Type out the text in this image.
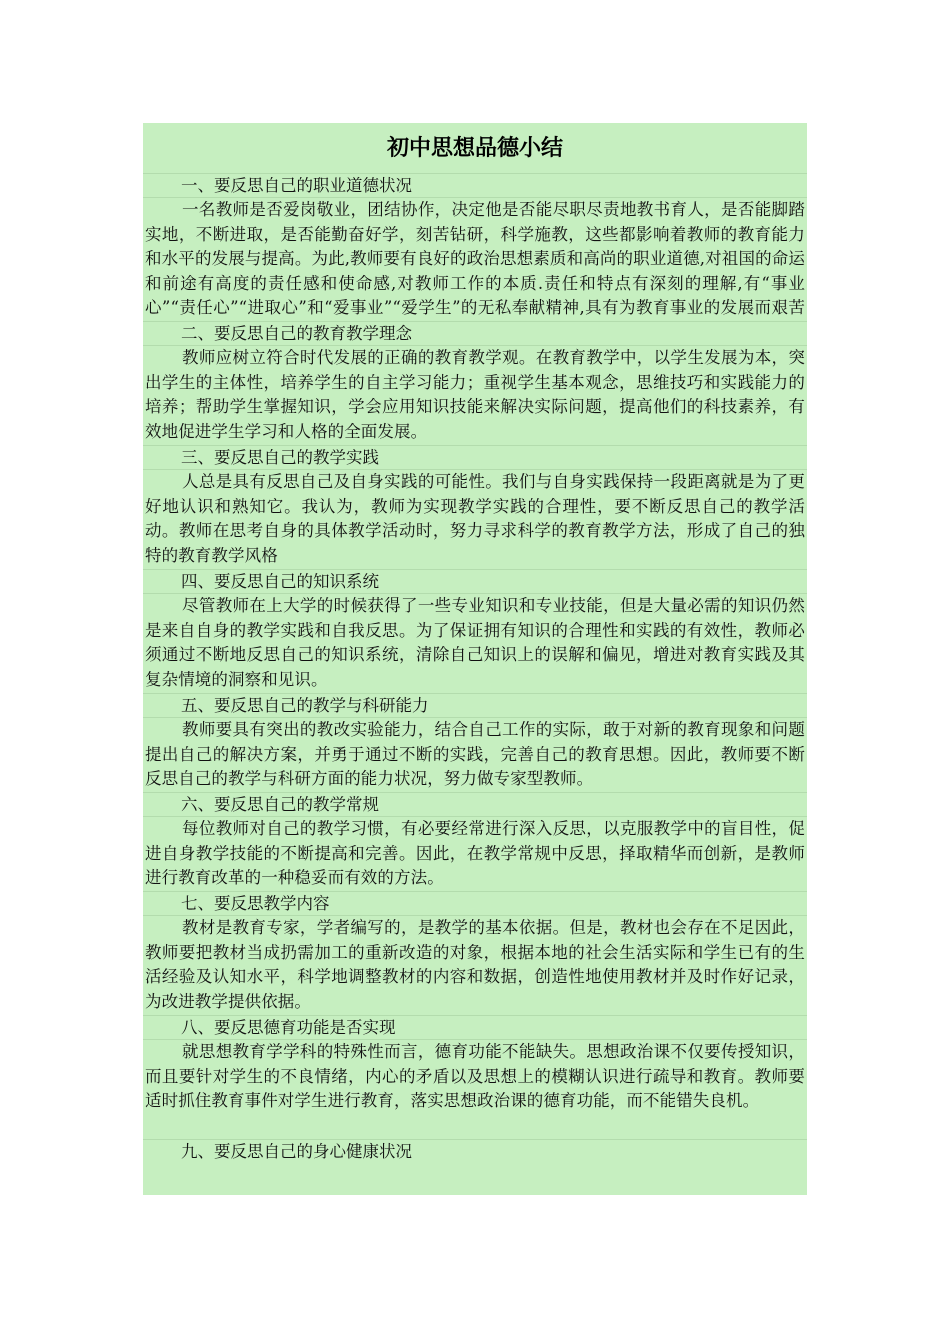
初中思想品德小结
一、要反思自己的职业道德状况
一名教师是否爱岗敬业，团结协作，决定他是否能尽职尽责地教书育人，是否能脚踏实地，不断进取，是否能勤奋好学，刻苦钻研，科学施教，这些都影响着教师的教育能力和水平的发展与提高。为此,教师要有良好的政治思想素质和高尚的职业道德,对祖国的命运和前途有高度的责任感和使命感,对教师工作的本质.责任和特点有深刻的理解,有“事业心”“责任心”“进取心”和“爱事业”“爱学生”的无私奉献精神,具有为教育事业的发展而艰苦
二、要反思自己的教育教学理念
教师应树立符合时代发展的正确的教育教学观。在教育教学中，以学生发展为本，突出学生的主体性，培养学生的自主学习能力；重视学生基本观念，思维技巧和实践能力的培养；帮助学生掌握知识，学会应用知识技能来解决实际问题，提高他们的科技素养，有效地促进学生学习和人格的全面发展。
三、要反思自己的教学实践
人总是具有反思自己及自身实践的可能性。我们与自身实践保持一段距离就是为了更好地认识和熟知它。我认为，教师为实现教学实践的合理性，要不断反思自己的教学活动。教师在思考自身的具体教学活动时，努力寻求科学的教育教学方法，形成了自己的独特的教育教学风格
四、要反思自己的知识系统
尽管教师在上大学的时候获得了一些专业知识和专业技能，但是大量必需的知识仍然是来自自身的教学实践和自我反思。为了保证拥有知识的合理性和实践的有效性，教师必须通过不断地反思自己的知识系统，清除自己知识上的误解和偏见，增进对教育实践及其复杂情境的洞察和见识。
五、要反思自己的教学与科研能力
教师要具有突出的教改实验能力，结合自己工作的实际，敢于对新的教育现象和问题提出自己的解决方案，并勇于通过不断的实践，完善自己的教育思想。因此，教师要不断反思自己的教学与科研方面的能力状况，努力做专家型教师。
六、要反思自己的教学常规
每位教师对自己的教学习惯，有必要经常进行深入反思，以克服教学中的盲目性，促进自身教学技能的不断提高和完善。因此，在教学常规中反思，择取精华而创新，是教师进行教育改革的一种稳妥而有效的方法。
七、要反思教学内容
教材是教育专家，学者编写的，是教学的基本依据。但是，教材也会存在不足因此，教师要把教材当成扔需加工的重新改造的对象，根据本地的社会生活实际和学生已有的生活经验及认知水平，科学地调整教材的内容和数据，创造性地使用教材并及时作好记录，为改进教学提供依据。
八、要反思德育功能是否实现
就思想教育学学科的特殊性而言，德育功能不能缺失。思想政治课不仅要传授知识，而且要针对学生的不良情绪，内心的矛盾以及思想上的模糊认识进行疏导和教育。教师要适时抓住教育事件对学生进行教育，落实思想政治课的德育功能，而不能错失良机。
九、要反思自己的身心健康状况
